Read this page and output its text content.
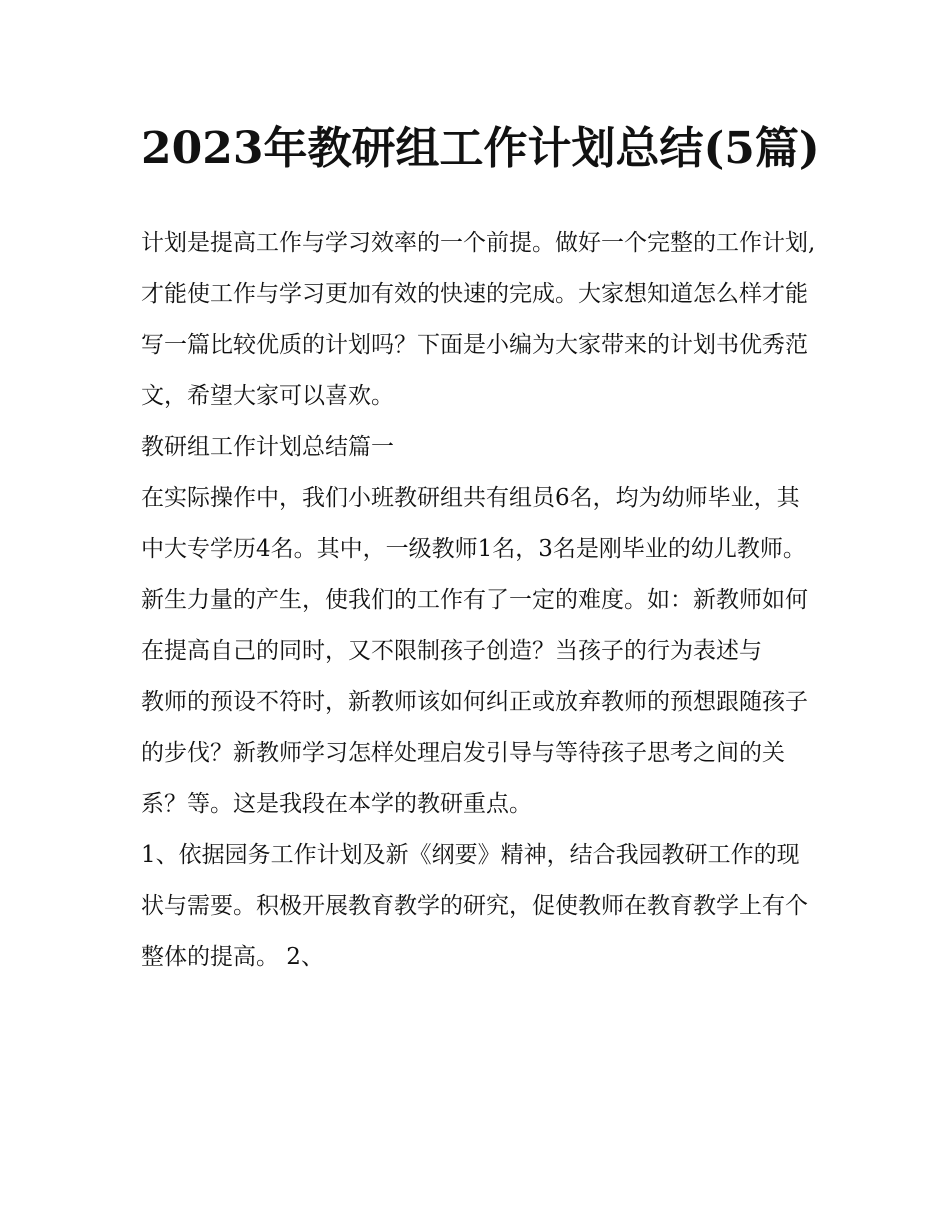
2023年教研组工作计划总结(5篇)

计划是提高工作与学习效率的一个前提。做好一个完整的工作计划,才能使工作与学习更加有效的快速的完成。大家想知道怎么样才能写一篇比较优质的计划吗？下面是小编为大家带来的计划书优秀范文，希望大家可以喜欢。

教研组工作计划总结篇一

在实际操作中，我们小班教研组共有组员6名，均为幼师毕业，其中大专学历4名。其中，一级教师1名，3名是刚毕业的幼儿教师。新生力量的产生，使我们的工作有了一定的难度。如：新教师如何在提高自己的同时，又不限制孩子创造？当孩子的行为表述与

教师的预设不符时，新教师该如何纠正或放弃教师的预想跟随孩子的步伐？新教师学习怎样处理启发引导与等待孩子思考之间的关系？等。这是我段在本学的教研重点。

1、依据园务工作计划及新《纲要》精神，结合我园教研工作的现状与需要。积极开展教育教学的研究，促使教师在教育教学上有个整体的提高。 2、
